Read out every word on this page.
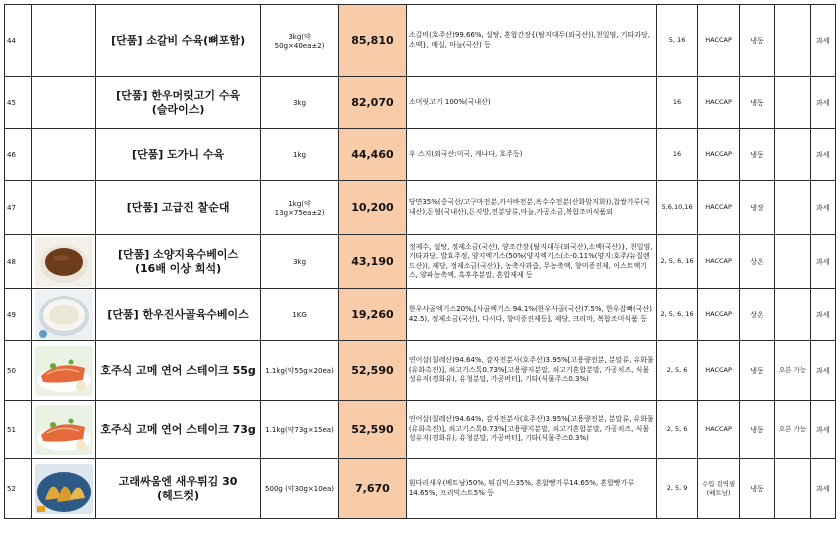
44		[단품] 소갈비 수육(뼈포함)	3kg(약 50g×40ea±2)	85,810	소갈비(호주산)99.66%, 설탕, 혼합간장{(탈지대두(외국산)),천일염, 기타과당,소맥}, 매실, 마늘(국산) 등	5, 16	HACCAP	냉동		과세

45		[단품] 한우머릿고기 수육
(슬라이스)	3kg	82,070	소머릿고기 100%(국내산)	16	HACCAP	냉동		과세

46		[단품] 도가니 수육	1kg	44,460	우 스지(외국산:미국, 캐나다, 호주등)	16	HACCAP	냉동		과세

47		[단품] 고급진 찰순대	1kg(약 13g×75ea±2)	10,200	당면35%(중국산/고구마전분,카사바전분,옥수수전분(산화암지화)),찹쌀가루(국내산),돈혈(국내산),돈지방,전분당류,마늘,가공소금,복합조미식품외	5,6,10,16	HACCAP	냉장		과세

48		[단품] 소양지육수베이스
(16배 이상 희석)	3kg	43,190	정제수, 설탕, 정제소금(국산), 양조간장{탈지대두(외국산),소맥(국산)}, 천일염, 기타과당, 발효주정, 양지엑기스(50%(양지엑기스(소-0.11%(양지:호주/뉴질랜드산)), 제당, 정제소금(국산)}, 농축사과즙, 무농축액, 향미증진제, 이스트엑기스, 양파농축액, 흑후추분말, 혼합제제 등	2, 5, 6, 16	HACCAP	상온		과세

49		[단품] 한우진사골육수베이스	1KG	19,260	한우사골엑기스20%,[사골엑기스 94.1%(한우사골(국산)7.5%, 한우잡뼈(국산) 42.5), 정제소금(국산), 다시다, 향미증진제등], 제당, 크리마, 복합조미식품 등	2, 5, 6, 16	HACCAP	상온		과세

50		호주식 고메 연어 스테이크 55g	1.1kg(약55g×20ea)	52,590	연어살(칠레산)94.64%, 감자전분사(호주산)3.95%[고용량전분, 분말류, 유화물(유화촉진)], 쇠고기스톡0.73%[고용량지분말, 쇠고기혼합분말, 가공치즈, 식물성유지(경화유), 유청분말, 가공버터], 기타(식물주스0.3%)	2, 5, 6	HACCAP	냉동	오븐 가능	과세

51		호주식 고메 연어 스테이크 73g	1.1kg(약73g×15ea)	52,590	연어살(칠레산)94.64%, 감자전분사(호주산)3.95%[고용량전분, 분말류, 유화물(유화촉진)], 쇠고기스톡0.73%[고용량지분말, 쇠고기혼합분말, 가공치즈, 식물성유지(경화유), 유청분말, 가공버터], 기타(식물주스0.3%)	2, 5, 6	HACCAP	냉동	오븐 가능	과세

52		고래싸움엔 새우튀김 30
(헤드컷)	500g (약30g×10ea)	7,670	흰다리새우(베트남)50%, 튀김믹스35%, 혼합빵가루14.65%, 혼합빵가루14.65%, 프리믹스트5% 등	2, 5, 9	수입 검역필 (베트남)	냉동		과세
